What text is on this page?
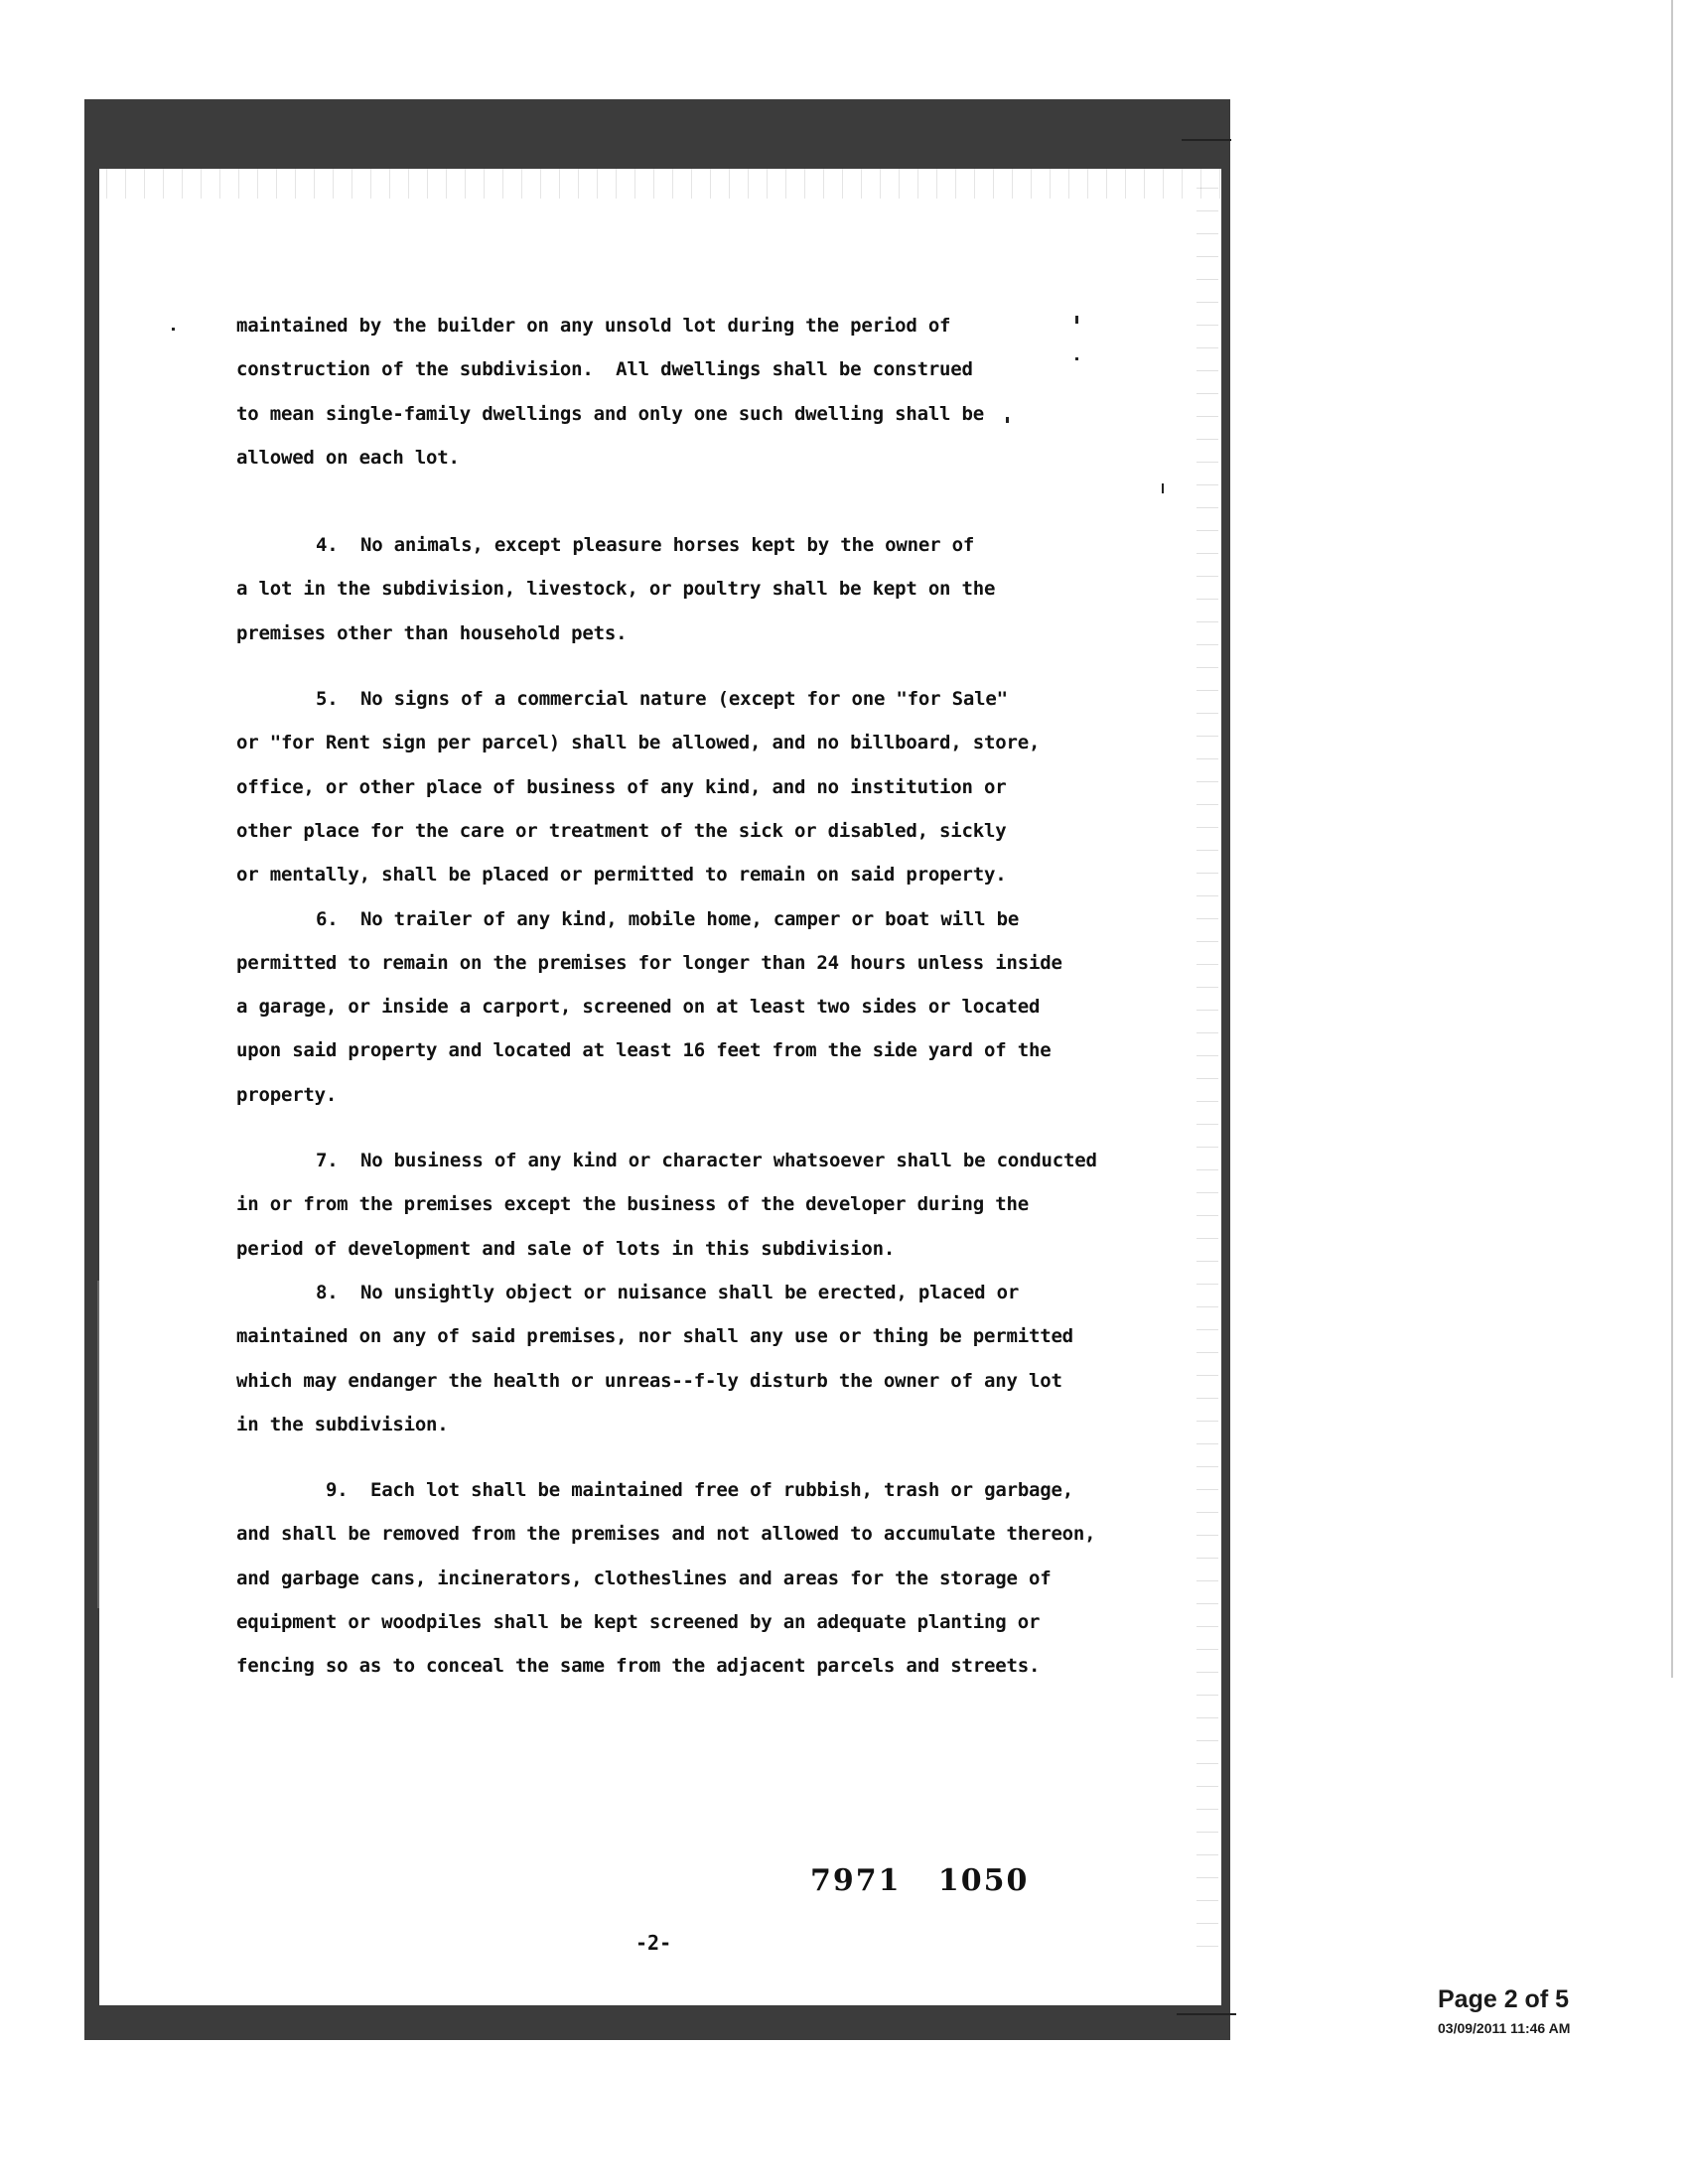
maintained by the builder on any unsold lot during the period of
construction of the subdivision.  All dwellings shall be construed
to mean single-family dwellings and only one such dwelling shall be
allowed on each lot.
4.  No animals, except pleasure horses kept by the owner of
a lot in the subdivision, livestock, or poultry shall be kept on the
premises other than household pets.
5.  No signs of a commercial nature (except for one "for Sale"
or "for Rent sign per parcel) shall be allowed, and no billboard, store,
office, or other place of business of any kind, and no institution or
other place for the care or treatment of the sick or disabled, sickly
or mentally, shall be placed or permitted to remain on said property.
6.  No trailer of any kind, mobile home, camper or boat will be
permitted to remain on the premises for longer than 24 hours unless inside
a garage, or inside a carport, screened on at least two sides or located
upon said property and located at least 16 feet from the side yard of the
property.
7.  No business of any kind or character whatsoever shall be conducted
in or from the premises except the business of the developer during the
period of development and sale of lots in this subdivision.
8.  No unsightly object or nuisance shall be erected, placed or
maintained on any of said premises, nor shall any use or thing be permitted
which may endanger the health or unreas--f-ly disturb the owner of any lot
in the subdivision.
9.  Each lot shall be maintained free of rubbish, trash or garbage,
and shall be removed from the premises and not allowed to accumulate thereon,
and garbage cans, incinerators, clotheslines and areas for the storage of
equipment or woodpiles shall be kept screened by an adequate planting or
fencing so as to conceal the same from the adjacent parcels and streets.
7971   1050
-2-
Page 2 of 5
03/09/2011 11:46 AM
